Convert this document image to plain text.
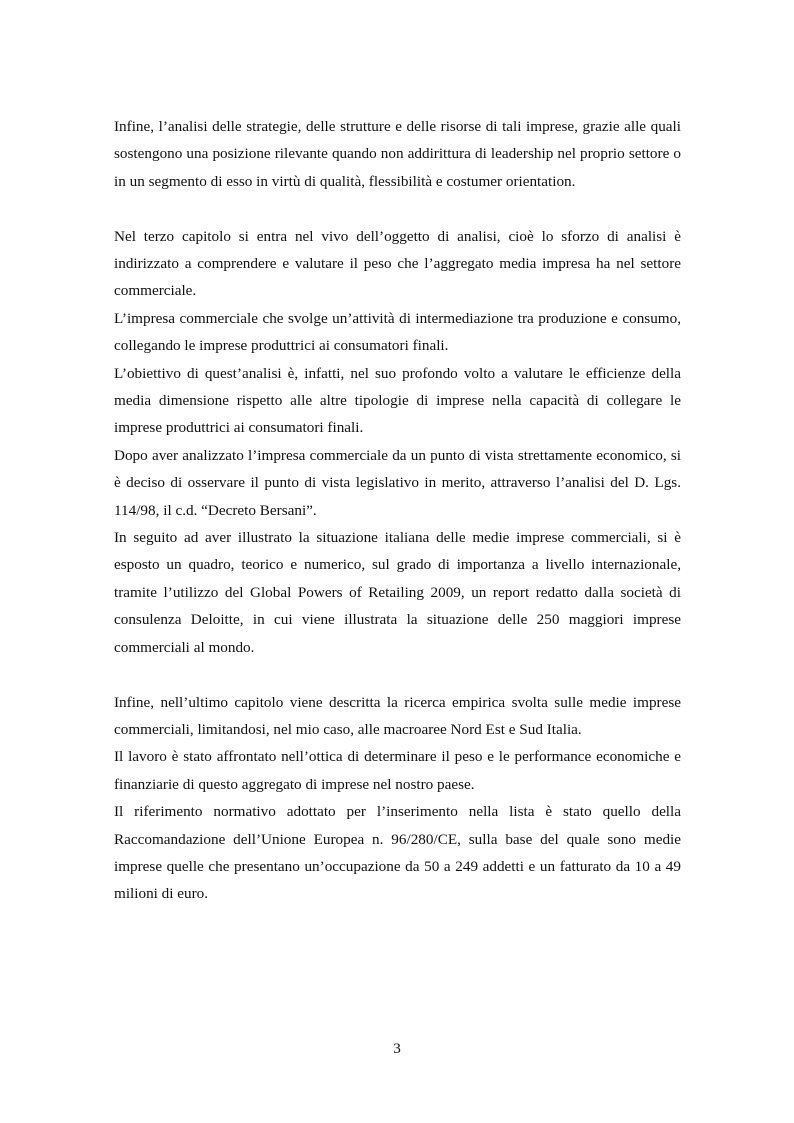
Infine, l’analisi delle strategie, delle strutture e delle risorse di tali imprese, grazie alle quali sostengono una posizione rilevante quando non addirittura di leadership nel proprio settore o in un segmento di esso in virtù di qualità, flessibilità e costumer orientation.

Nel terzo capitolo si entra nel vivo dell’oggetto di analisi, cioè lo sforzo di analisi è indirizzato a comprendere e valutare il peso che l’aggregato media impresa ha nel settore commerciale.

L’impresa commerciale che svolge un’attività di intermediazione tra produzione e consumo, collegando le imprese produttrici ai consumatori finali.

L’obiettivo di quest’analisi è, infatti, nel suo profondo volto a valutare le efficienze della media dimensione rispetto alle altre tipologie di imprese nella capacità di collegare le imprese produttrici ai consumatori finali.

Dopo aver analizzato l’impresa commerciale da un punto di vista strettamente economico, si è deciso di osservare il punto di vista legislativo in merito, attraverso l’analisi del D. Lgs. 114/98, il c.d. “Decreto Bersani”.

In seguito ad aver illustrato la situazione italiana delle medie imprese commerciali, si è esposto un quadro, teorico e numerico, sul grado di importanza a livello internazionale, tramite l’utilizzo del Global Powers of Retailing 2009, un report redatto dalla società di consulenza Deloitte, in cui viene illustrata la situazione delle 250 maggiori imprese commerciali al mondo.

Infine, nell’ultimo capitolo viene descritta la ricerca empirica svolta sulle medie imprese commerciali, limitandosi, nel mio caso, alle macroaree Nord Est e Sud Italia.

Il lavoro è stato affrontato nell’ottica di determinare il peso e le performance economiche e finanziarie di questo aggregato di imprese nel nostro paese.

Il riferimento normativo adottato per l’inserimento nella lista è stato quello della Raccomandazione dell’Unione Europea n. 96/280/CE, sulla base del quale sono medie imprese quelle che presentano un’occupazione da 50 a 249 addetti e un fatturato da 10 a 49 milioni di euro.

3
